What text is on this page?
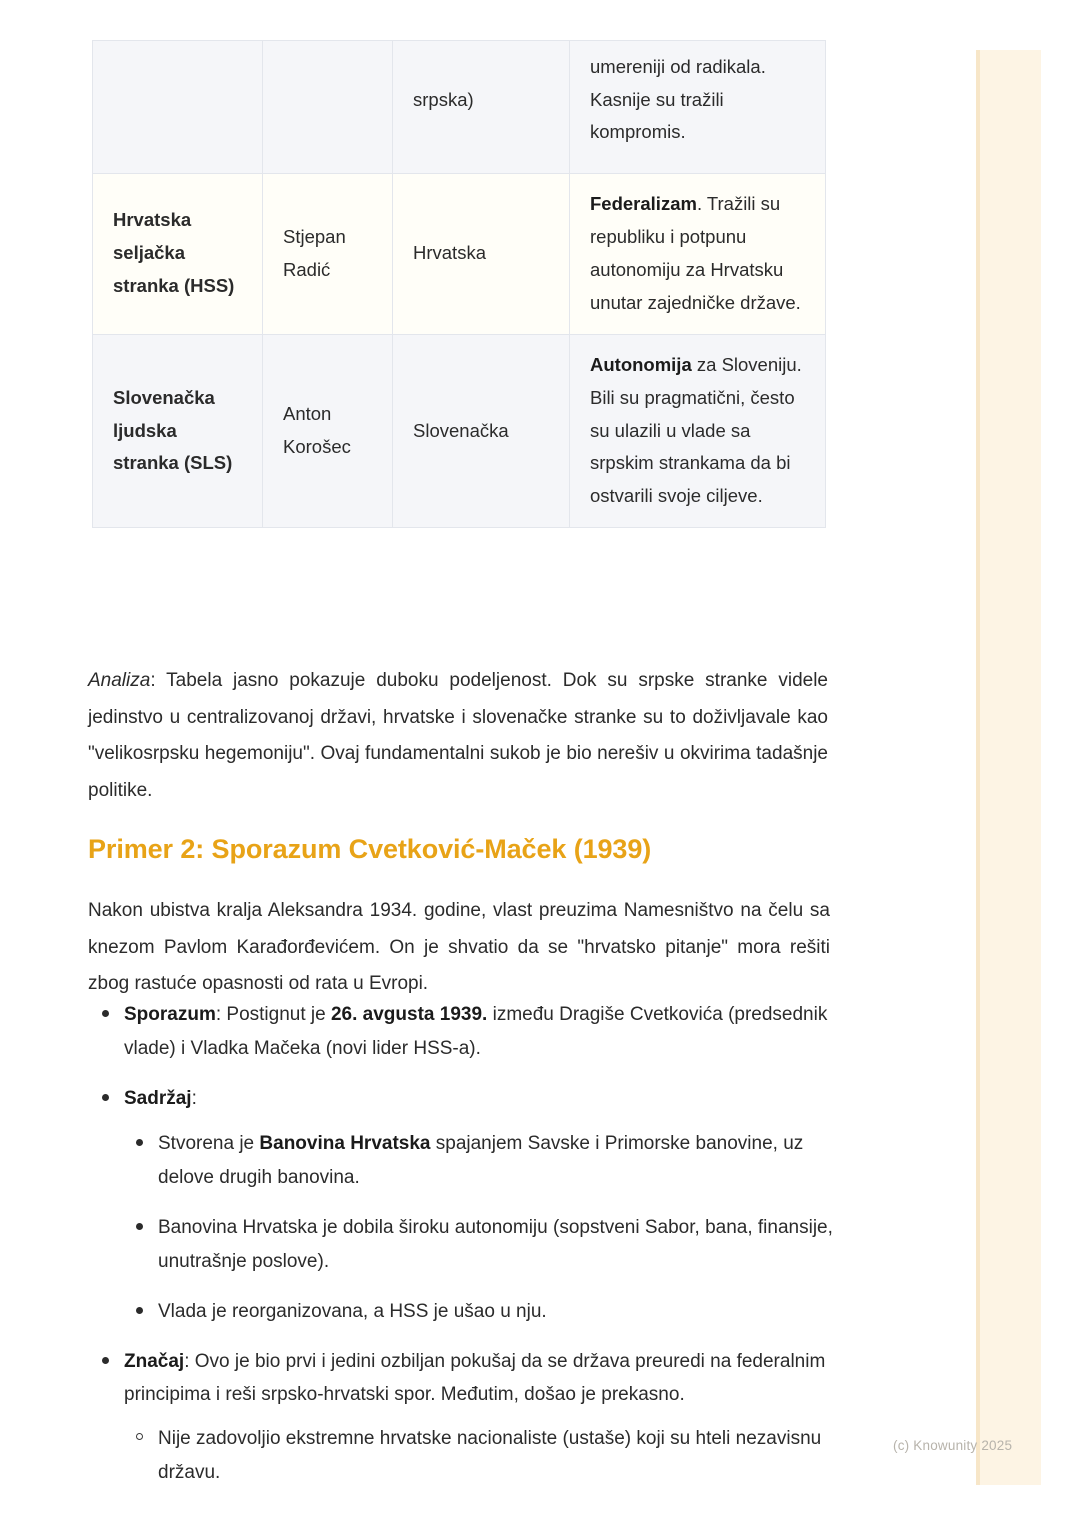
		srpska)	umereniji od radikala. Kasnije su tražili kompromis.

Hrvatska seljačka stranka (HSS)	Stjepan Radić	Hrvatska	Federalizam. Tražili su republiku i potpunu autonomiju za Hrvatsku unutar zajedničke države.
Slovenačka ljudska stranka (SLS)	Anton Korošec	Slovenačka	Autonomija za Sloveniju. Bili su pragmatični, često su ulazili u vlade sa srpskim strankama da bi ostvarili svoje ciljeve.

Analiza: Tabela jasno pokazuje duboku podeljenost. Dok su srpske stranke videle jedinstvo u centralizovanoj državi, hrvatske i slovenačke stranke su to doživljavale kao "velikosrpsku hegemoniju". Ovaj fundamentalni sukob je bio nerešiv u okvirima tadašnje politike.

Primer 2: Sporazum Cvetković-Maček (1939)

Nakon ubistva kralja Aleksandra 1934. godine, vlast preuzima Namesništvo na čelu sa knezom Pavlom Karađorđevićem. On je shvatio da se "hrvatsko pitanje" mora rešiti zbog rastuće opasnosti od rata u Evropi.

Sporazum: Postignut je 26. avgusta 1939. između Dragiše Cvetkovića (predsednik vlade) i Vladka Mačeka (novi lider HSS-a).
Sadržaj:
Stvorena je Banovina Hrvatska spajanjem Savske i Primorske banovine, uz delove drugih banovina.
Banovina Hrvatska je dobila široku autonomiju (sopstveni Sabor, bana, finansije, unutrašnje poslove).
Vlada je reorganizovana, a HSS je ušao u nju.
Značaj: Ovo je bio prvi i jedini ozbiljan pokušaj da se država preuredi na federalnim principima i reši srpsko-hrvatski spor. Međutim, došao je prekasno.
Nije zadovoljio ekstremne hrvatske nacionaliste (ustaše) koji su hteli nezavisnu državu.
(c) Knowunity 2025
